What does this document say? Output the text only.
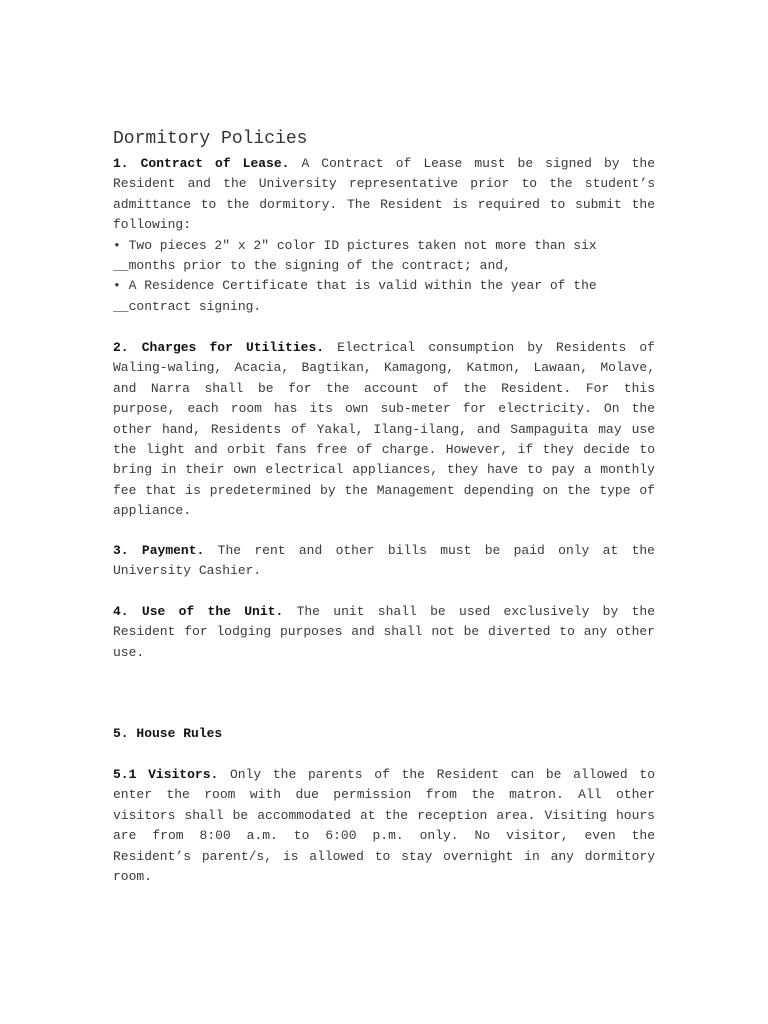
Dormitory Policies
1. Contract of Lease. A Contract of Lease must be signed by the
Resident and the University representative prior to the student’s
admittance to the dormitory. The Resident is required to submit the
following:
• Two pieces 2" x 2" color ID pictures taken not more than six
__months prior to the signing of the contract; and,
• A Residence Certificate that is valid within the year of the
__contract signing.
2. Charges for Utilities. Electrical consumption by Residents of
Waling-waling, Acacia, Bagtikan, Kamagong, Katmon, Lawaan, Molave,
and Narra shall be for the account of the Resident. For this
purpose, each room has its own sub-meter for electricity. On the
other hand, Residents of Yakal, Ilang-ilang, and Sampaguita may use
the light and orbit fans free of charge. However, if they decide to
bring in their own electrical appliances, they have to pay a monthly
fee that is predetermined by the Management depending on the type of
appliance.
3. Payment. The rent and other bills must be paid only at the
University Cashier.
4. Use of the Unit. The unit shall be used exclusively by the
Resident for lodging purposes and shall not be diverted to any other
use.
5. House Rules
5.1 Visitors. Only the parents of the Resident can be allowed to
enter the room with due permission from the matron. All other
visitors shall be accommodated at the reception area. Visiting hours
are from 8:00 a.m. to 6:00 p.m. only. No visitor, even the
Resident’s parent/s, is allowed to stay overnight in any dormitory
room.
